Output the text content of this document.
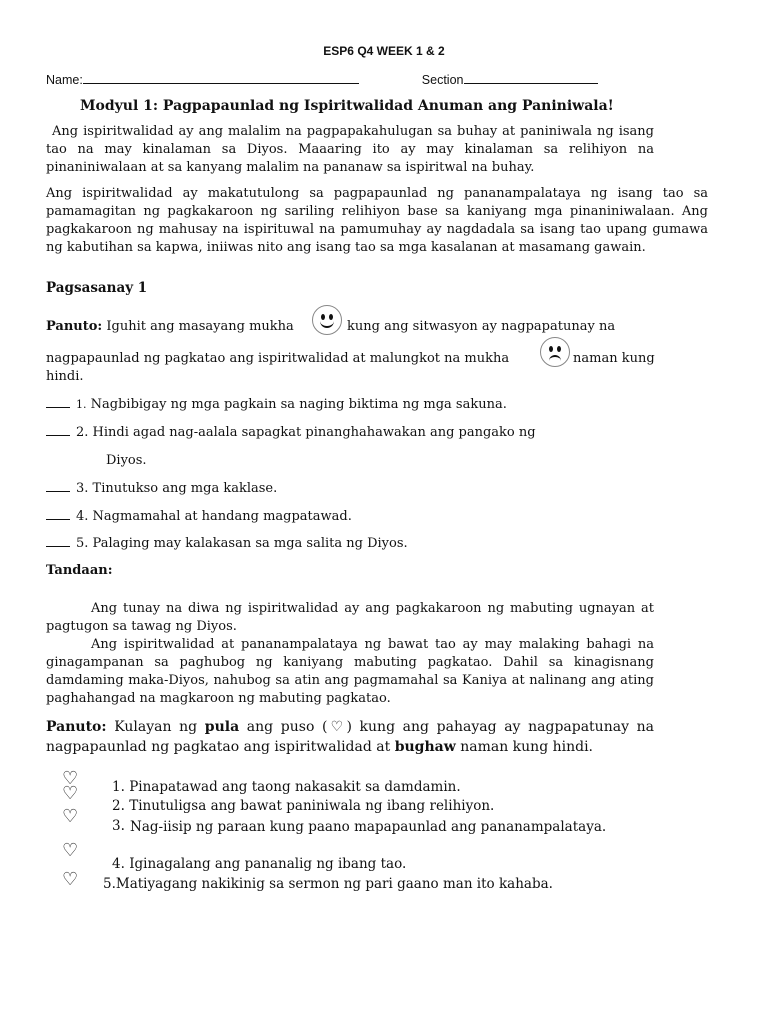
ESP6 Q4 WEEK 1 & 2
Name:	Section
Modyul 1: Pagpapaunlad ng Ispiritwalidad Anuman ang Paniniwala!
Ang ispiritwalidad ay ang malalim na pagpapakahulugan sa buhay at paniniwala ng isang tao na may kinalaman sa Diyos. Maaaring ito ay may kinalaman sa relihiyon na pinaniniwalaan at sa kanyang malalim na pananaw sa ispiritwal na buhay.
Ang ispiritwalidad ay makatutulong sa pagpapaunlad ng pananampalataya ng isang tao sa pamamagitan ng pagkakaroon ng sariling relihiyon base sa kaniyang mga pinaniniwalaan. Ang pagkakaroon ng mahusay na ispirituwal na pamumuhay ay nagdadala sa isang tao upang gumawa ng kabutihan sa kapwa, iniiwas nito ang isang tao sa mga kasalanan at masamang gawain.
Pagsasanay 1
Panuto: Iguhit ang masayang mukha	kung ang sitwasyon ay nagpapatunay na
nagpapaunlad ng pagkatao ang ispiritwalidad at malungkot na mukha	naman kung
hindi.
1. Nagbibigay ng mga pagkain sa naging biktima ng mga sakuna.
2. Hindi agad nag-aalala sapagkat pinanghahawakan ang pangako ng
Diyos.
3. Tinutukso ang mga kaklase.
4. Nagmamahal at handang magpatawad.
5. Palaging may kalakasan sa mga salita ng Diyos.
Tandaan:
Ang tunay na diwa ng ispiritwalidad ay ang pagkakaroon ng mabuting ugnayan at pagtugon sa tawag ng Diyos.
Ang ispiritwalidad at pananampalataya ng bawat tao ay may malaking bahagi na ginagampanan sa paghubog ng kaniyang mabuting pagkatao. Dahil sa kinagisnang damdaming maka-Diyos, nahubog sa atin ang pagmamahal sa Kaniya at nalinang ang ating paghahangad na magkaroon ng mabuting pagkatao.
Panuto: Kulayan ng pula ang puso (♡) kung ang pahayag ay nagpapatunay na nagpapaunlad ng pagkatao ang ispiritwalidad at bughaw naman kung hindi.
♡
♡
♡
♡
♡
1. Pinapatawad ang taong nakasakit sa damdamin.
2. Tinutuligsa ang bawat paniniwala ng ibang relihiyon.
3. Nag-iisip ng paraan kung paano mapapaunlad ang pananampalataya.
4. Iginagalang ang pananalig ng ibang tao.
5.Matiyagang nakikinig sa sermon ng pari gaano man ito kahaba.
